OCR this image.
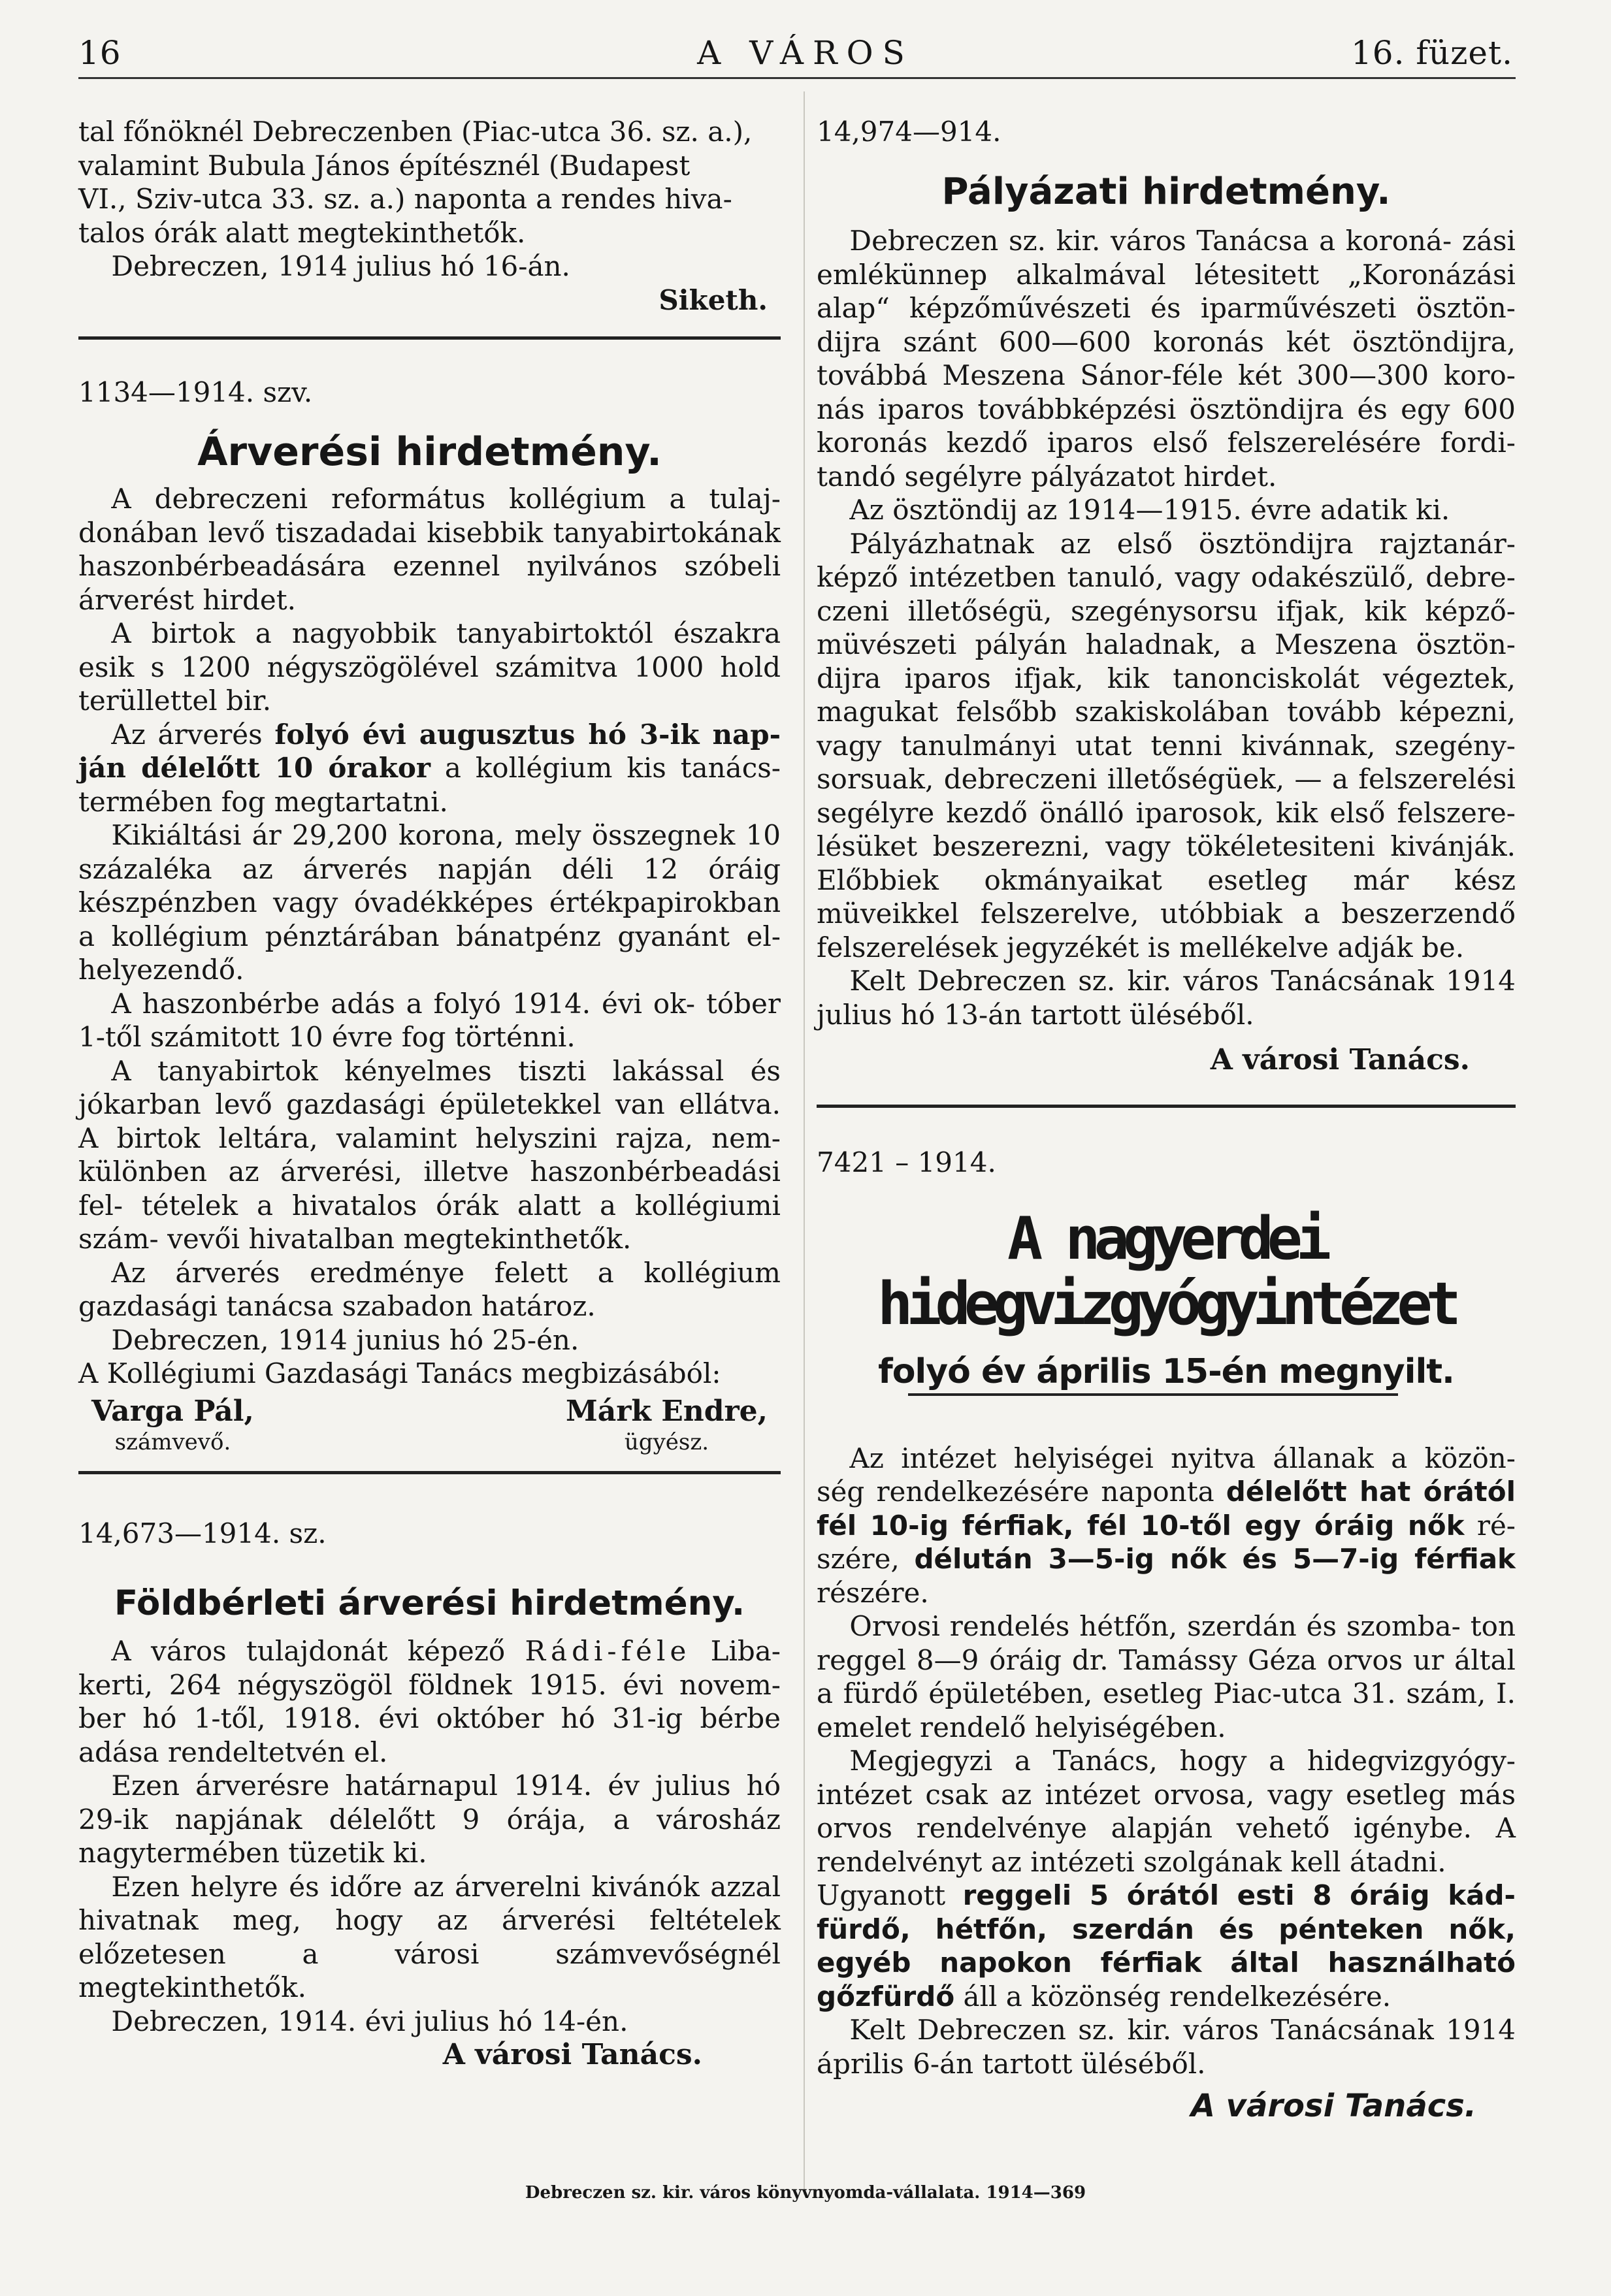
16	A VÁROS	16. füzet.

tal főnöknél Debreczenben (Piac-utca 36. sz. a.),

valamint Bubula János építésznél (Budapest

VI., Sziv-utca 33. sz. a.) naponta a rendes hiva-

talos órák alatt megtekinthetők.

Debreczen, 1914 julius hó 16-án.

Siketh.

1134—1914. szv.

Árverési hirdetmény.

A debreczeni református kollégium a tulaj- donában levő tiszadadai kisebbik tanyabirtokának haszonbérbeadására ezennel nyilvános szóbeli árverést hirdet.

A birtok a nagyobbik tanyabirtoktól északra esik s 1200 négyszögölével számitva 1000 hold terüllettel bir.

Az árverés folyó évi augusztus hó 3-ik nap- ján délelőtt 10 órakor a kollégium kis tanács- termében fog megtartatni.

Kikiáltási ár 29,200 korona, mely összegnek 10 százaléka az árverés napján déli 12 óráig készpénzben vagy óvadékképes értékpapirokban a kollégium pénztárában bánatpénz gyanánt el- helyezendő.

A haszonbérbe adás a folyó 1914. évi ok- tóber 1-től számitott 10 évre fog történni.

A tanyabirtok kényelmes tiszti lakással és jókarban levő gazdasági épületekkel van ellátva. A birtok leltára, valamint helyszini rajza, nem- különben az árverési, illetve haszonbérbeadási fel- tételek a hivatalos órák alatt a kollégiumi szám- vevői hivatalban megtekinthetők.

Az árverés eredménye felett a kollégium gazdasági tanácsa szabadon határoz.

Debreczen, 1914 junius hó 25-én.

A Kollégiumi Gazdasági Tanács megbizásából:

Varga Pál,
számvevő.
Márk Endre,
ügyész.

14,673—1914. sz.

Földbérleti árverési hirdetmény.

A város tulajdonát képező Rádi-féle Liba- kerti, 264 négyszögöl földnek 1915. évi novem- ber hó 1-től, 1918. évi október hó 31-ig bérbe adása rendeltetvén el.

Ezen árverésre határnapul 1914. év julius hó 29-ik napjának délelőtt 9 órája, a városház nagytermében tüzetik ki.

Ezen helyre és időre az árverelni kivánók azzal hivatnak meg, hogy az árverési feltételek előzetesen a városi számvevőségnél megtekinthetők.

Debreczen, 1914. évi julius hó 14-én.

A városi Tanács.

14,974—914.

Pályázati hirdetmény.

Debreczen sz. kir. város Tanácsa a koroná- zási emlékünnep alkalmával létesitett „Koronázási alap“ képzőművészeti és iparművészeti ösztön- dijra szánt 600—600 koronás két ösztöndijra, továbbá Meszena Sánor-féle két 300—300 koro- nás iparos továbbképzési ösztöndijra és egy 600 koronás kezdő iparos első felszerelésére fordi- tandó segélyre pályázatot hirdet.

Az ösztöndij az 1914—1915. évre adatik ki.

Pályázhatnak az első ösztöndijra rajztanár- képző intézetben tanuló, vagy odakészülő, debre- czeni illetőségü, szegénysorsu ifjak, kik képző- müvészeti pályán haladnak, a Meszena ösztön- dijra iparos ifjak, kik tanonciskolát végeztek, magukat felsőbb szakiskolában tovább képezni, vagy tanulmányi utat tenni kivánnak, szegény- sorsuak, debreczeni illetőségüek, — a felszerelési segélyre kezdő önálló iparosok, kik első felszere- lésüket beszerezni, vagy tökéletesiteni kivánják. Előbbiek okmányaikat esetleg már kész müveikkel felszerelve, utóbbiak a beszerzendő felszerelések jegyzékét is mellékelve adják be.

Kelt Debreczen sz. kir. város Tanácsának 1914 julius hó 13-án tartott üléséből.

A városi Tanács.

7421 – 1914.

A nagyerdei hidegvizgyógyintézet
folyó év április 15-én megnyilt.

Az intézet helyiségei nyitva állanak a közön- ség rendelkezésére naponta délelőtt hat órától fél 10-ig férfiak, fél 10-től egy óráig nők ré- szére, délután 3—5-ig nők és 5—7-ig férfiak részére.

Orvosi rendelés hétfőn, szerdán és szomba- ton reggel 8—9 óráig dr. Tamássy Géza orvos ur által a fürdő épületében, esetleg Piac-utca 31. szám, I. emelet rendelő helyiségében.

Megjegyzi a Tanács, hogy a hidegvizgyógy- intézet csak az intézet orvosa, vagy esetleg más orvos rendelvénye alapján vehető igénybe. A rendelvényt az intézeti szolgának kell átadni.

Ugyanott reggeli 5 órától esti 8 óráig kád- fürdő, hétfőn, szerdán és pénteken nők, egyéb napokon férfiak által használható gőzfürdő áll a közönség rendelkezésére.

Kelt Debreczen sz. kir. város Tanácsának 1914 április 6-án tartott üléséből.

A városi Tanács.

Debreczen sz. kir. város könyvnyomda-vállalata. 1914—369
